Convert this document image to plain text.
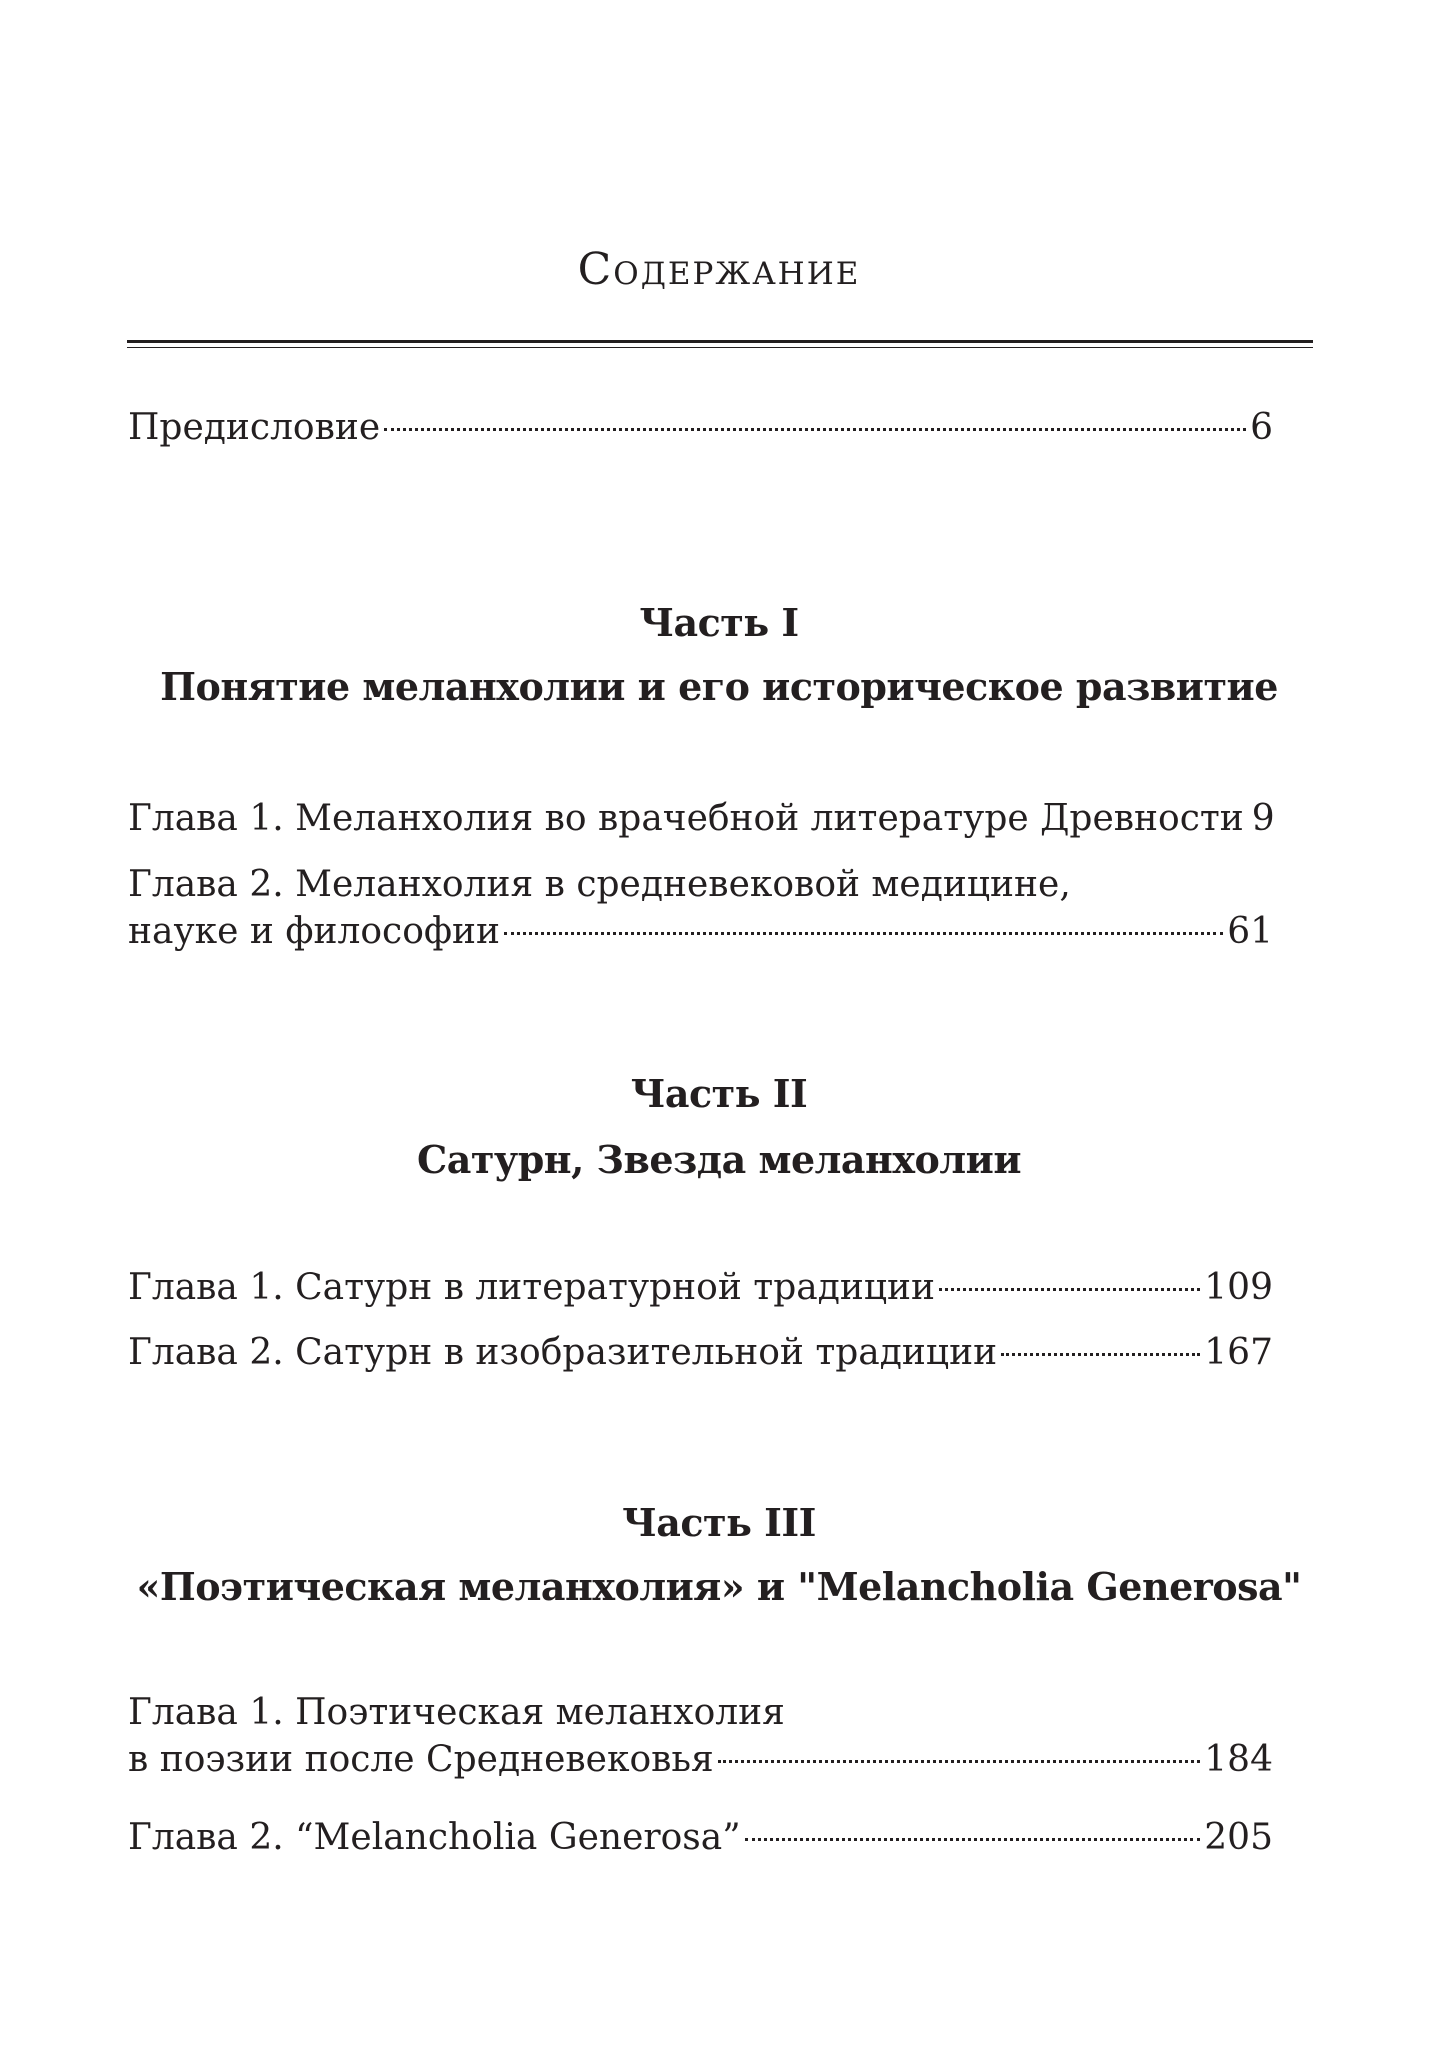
Содержание
Предисловие	6
Часть I
Понятие меланхолии и его историческое развитие
Глава 1. Меланхолия во врачебной литературе Древности 9
Глава 2. Меланхолия в средневековой медицине,
науке и философии	61
Часть II
Сатурн, Звезда меланхолии
Глава 1. Сатурн в литературной традиции	109
Глава 2. Сатурн в изобразительной традиции	167
Часть III
«Поэтическая меланхолия» и "Melancholia Generosa"
Глава 1. Поэтическая меланхолия
в поэзии после Средневековья	184
Глава 2. “Melancholia Generosa”	205
